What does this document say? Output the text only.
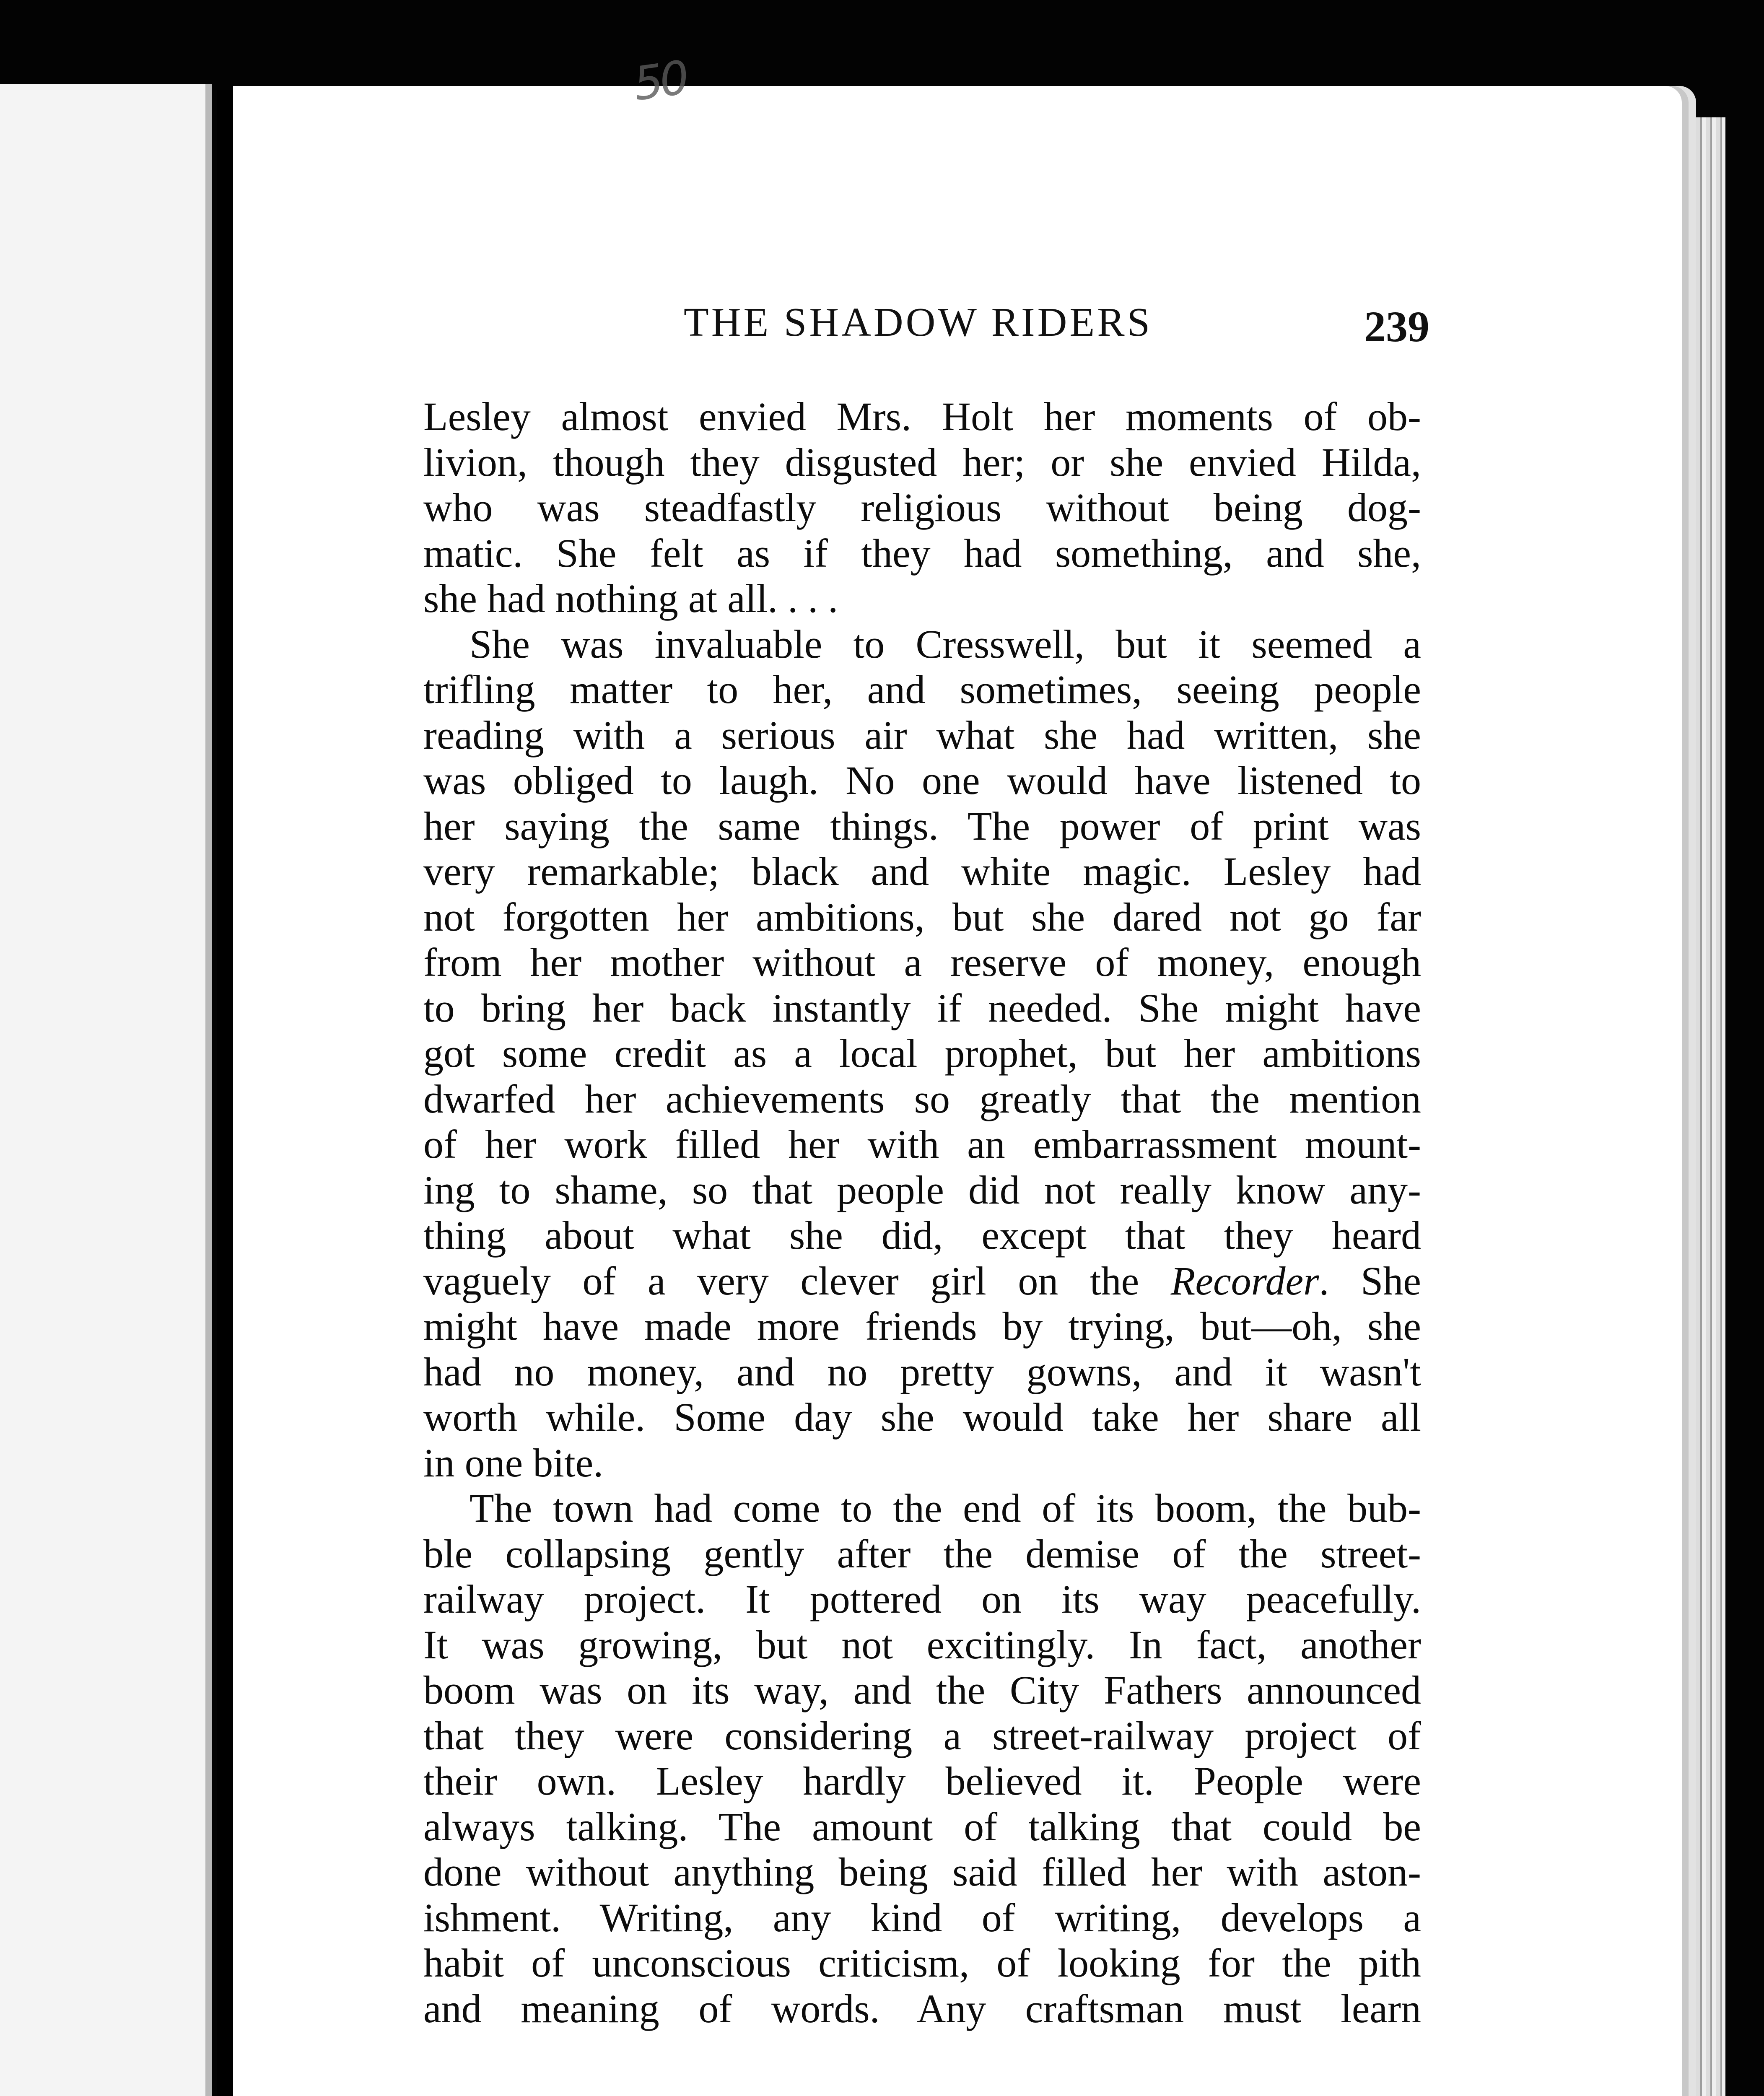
50
THE SHADOW RIDERS	239
Lesley almost envied Mrs. Holt her moments of ob-
livion, though they disgusted her; or she envied Hilda,
who was steadfastly religious without being dog-
matic. She felt as if they had something, and she,
she had nothing at all. . . .
She was invaluable to Cresswell, but it seemed a
trifling matter to her, and sometimes, seeing people
reading with a serious air what she had written, she
was obliged to laugh. No one would have listened to
her saying the same things. The power of print was
very remarkable; black and white magic. Lesley had
not forgotten her ambitions, but she dared not go far
from her mother without a reserve of money, enough
to bring her back instantly if needed. She might have
got some credit as a local prophet, but her ambitions
dwarfed her achievements so greatly that the mention
of her work filled her with an embarrassment mount-
ing to shame, so that people did not really know any-
thing about what she did, except that they heard
vaguely of a very clever girl on the Recorder. She
might have made more friends by trying, but—oh, she
had no money, and no pretty gowns, and it wasn't
worth while. Some day she would take her share all
in one bite.
The town had come to the end of its boom, the bub-
ble collapsing gently after the demise of the street-
railway project. It pottered on its way peacefully.
It was growing, but not excitingly. In fact, another
boom was on its way, and the City Fathers announced
that they were considering a street-railway project of
their own. Lesley hardly believed it. People were
always talking. The amount of talking that could be
done without anything being said filled her with aston-
ishment. Writing, any kind of writing, develops a
habit of unconscious criticism, of looking for the pith
and meaning of words. Any craftsman must learn
